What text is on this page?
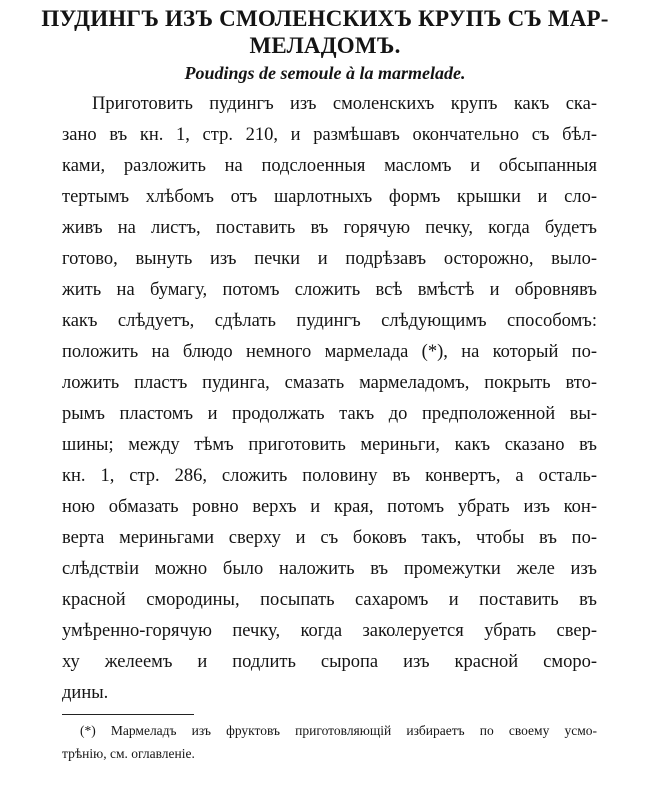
ПУДИНГЪ ИЗЪ СМОЛЕНСКИХЪ КРУПЪ СЪ МАР-
МЕЛАДОМЪ.
Poudings de semoule à la marmelade.
Приготовить пудингъ изъ смоленскихъ крупъ какъ ска-
зано въ кн. 1, стр. 210, и размѣшавъ окончательно съ бѣл-
ками, разложить на подслоенныя масломъ и обсыпанныя
тертымъ хлѣбомъ отъ шарлотныхъ формъ крышки и сло-
живъ на листъ, поставить въ горячую печку, когда будетъ
готово, вынуть изъ печки и подрѣзавъ осторожно, выло-
жить на бумагу, потомъ сложить всѣ вмѣстѣ и обровнявъ
какъ слѣдуетъ, сдѣлать пудингъ слѣдующимъ способомъ:
положить на блюдо немного мармелада (*), на который по-
ложить пластъ пудинга, смазать мармеладомъ, покрыть вто-
рымъ пластомъ и продолжать такъ до предположенной вы-
шины; между тѣмъ приготовить мериньги, какъ сказано въ
кн. 1, стр. 286, сложить половину въ конвертъ, а осталь-
ною обмазать ровно верхъ и края, потомъ убрать изъ кон-
верта мериньгами сверху и съ боковъ такъ, чтобы въ по-
слѣдствіи можно было наложить въ промежутки желе изъ
красной смородины, посыпать сахаромъ и поставить въ
умѣренно-горячую печку, когда заколеруется убрать свер-
ху желеемъ и подлить сыропа изъ красной смоpо-
дины.
(*) Мармеладъ изъ фруктовъ приготовляющій избираетъ по своему усмо-
трѣнію, см. оглавленіе.
